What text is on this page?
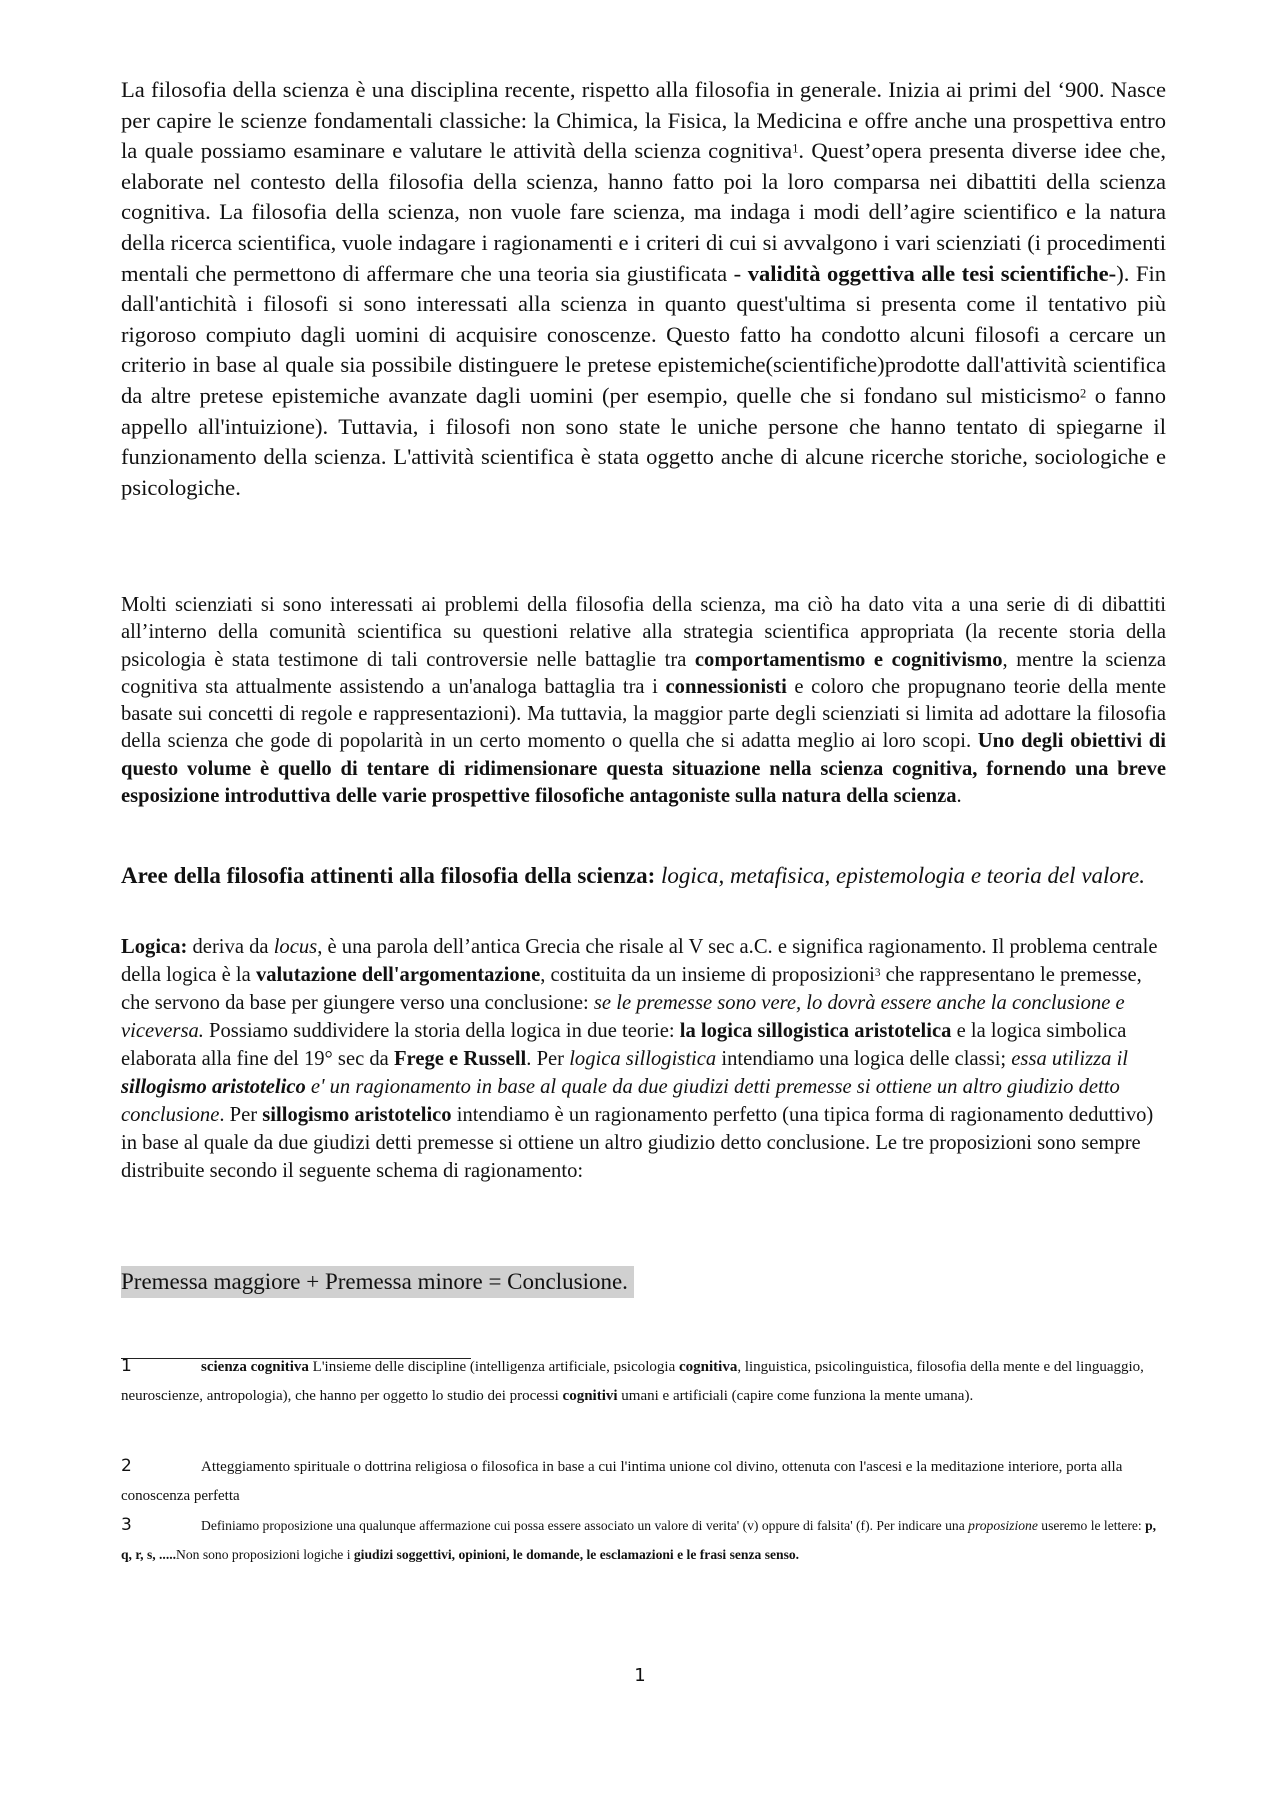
La filosofia della scienza è una disciplina recente, rispetto alla filosofia in generale. Inizia ai primi del ‘900. Nasce per capire le scienze fondamentali classiche: la Chimica, la Fisica, la Medicina e offre anche una prospettiva entro la quale possiamo esaminare e valutare le attività della scienza cognitiva$^1$. Quest’opera presenta diverse idee che, elaborate nel contesto della filosofia della scienza, hanno fatto poi la loro comparsa nei dibattiti della scienza cognitiva. La filosofia della scienza, non vuole fare scienza, ma indaga i modi dell’agire scientifico e la natura della ricerca scientifica, vuole indagare i ragionamenti e i criteri di cui si avvalgono i vari scienziati (i procedimenti mentali che permettono di affermare che una teoria sia giustificata - validità oggettiva alle tesi scientifiche-). Fin dall'antichità i filosofi si sono interessati alla scienza in quanto quest'ultima si presenta come il tentativo più rigoroso compiuto dagli uomini di acquisire conoscenze. Questo fatto ha condotto alcuni filosofi a cercare un criterio in base al quale sia possibile distinguere le pretese epistemiche(scientifiche)prodotte dall'attività scientifica da altre pretese epistemiche avanzate dagli uomini (per esempio, quelle che si fondano sul misticismo$^2$ o fanno appello all'intuizione). Tuttavia, i filosofi non sono state le uniche persone che hanno tentato di spiegarne il funzionamento della scienza. L'attività scientifica è stata oggetto anche di alcune ricerche storiche, sociologiche e psicologiche.

Molti scienziati si sono interessati ai problemi della filosofia della scienza, ma ciò ha dato vita a una serie di di dibattiti all’interno della comunità scientifica su questioni relative alla strategia scientifica appropriata (la recente storia della psicologia è stata testimone di tali controversie nelle battaglie tra comportamentismo e cognitivismo, mentre la scienza cognitiva sta attualmente assistendo a un'analoga battaglia tra i connessionisti e coloro che propugnano teorie della mente basate sui concetti di regole e rappresentazioni). Ma tuttavia, la maggior parte degli scienziati si limita ad adottare la filosofia della scienza che gode di popolarità in un certo momento o quella che si adatta meglio ai loro scopi. Uno degli obiettivi di questo volume è quello di tentare di ridimensionare questa situazione nella scienza cognitiva, fornendo una breve esposizione introduttiva delle varie prospettive filosofiche antagoniste sulla natura della scienza.

Aree della filosofia attinenti alla filosofia della scienza: logica, metafisica, epistemologia e teoria del valore.

Logica: deriva da locus, è una parola dell’antica Grecia che risale al V sec a.C. e significa ragionamento. Il problema centrale della logica è la valutazione dell'argomentazione, costituita da un insieme di proposizioni$^3$ che rappresentano le premesse, che servono da base per giungere verso una conclusione: se le premesse sono vere, lo dovrà essere anche la conclusione e viceversa. Possiamo suddividere la storia della logica in due teorie: la logica sillogistica aristotelica e la logica simbolica elaborata alla fine del 19° sec da Frege e Russell. Per logica sillogistica intendiamo una logica delle classi; essa utilizza il sillogismo aristotelico e' un ragionamento in base al quale da due giudizi detti premesse si ottiene un altro giudizio detto conclusione. Per sillogismo aristotelico intendiamo è un ragionamento perfetto (una tipica forma di ragionamento deduttivo) in base al quale da due giudizi detti premesse si ottiene un altro giudizio detto conclusione. Le tre proposizioni sono sempre distribuite secondo il seguente schema di ragionamento:

Premessa maggiore + Premessa minore = Conclusione.
1	scienza cognitiva L'insieme delle discipline (intelligenza artificiale, psicologia cognitiva, linguistica, psicolinguistica, filosofia della mente e del linguaggio, neuroscienze, antropologia), che hanno per oggetto lo studio dei processi cognitivi umani e artificiali (capire come funziona la mente umana).
2	Atteggiamento spirituale o dottrina religiosa o filosofica in base a cui l'intima unione col divino, ottenuta con l'ascesi e la meditazione interiore, porta alla conoscenza perfetta
3	Definiamo proposizione una qualunque affermazione cui possa essere associato un valore di verita' (v) oppure di falsita' (f). Per indicare una proposizione useremo le lettere: p, q, r, s, .....Non sono proposizioni logiche i giudizi soggettivi, opinioni, le domande, le esclamazioni e le frasi senza senso.
1
